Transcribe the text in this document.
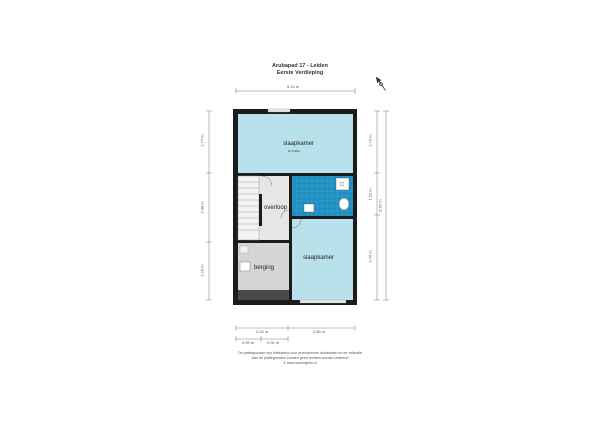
Arubapad 17 - Leiden
Eerste Verdieping
5.14 m
2.77 m
3.08 m
2.16 m
2.70 m
1.62 m
3.76 m
8.62 m
2.24 m	2.80 m
0.99 m	0.91 m
slaapkamer
H=2.98m
overloop
berging
slaapkamer
De plattegronden zijn uitsluitend voor promotionele doeleinden en ter indicatie
Aan de plattegronden kunnen geen rechten worden ontleend
© www.woningfoto.nl
